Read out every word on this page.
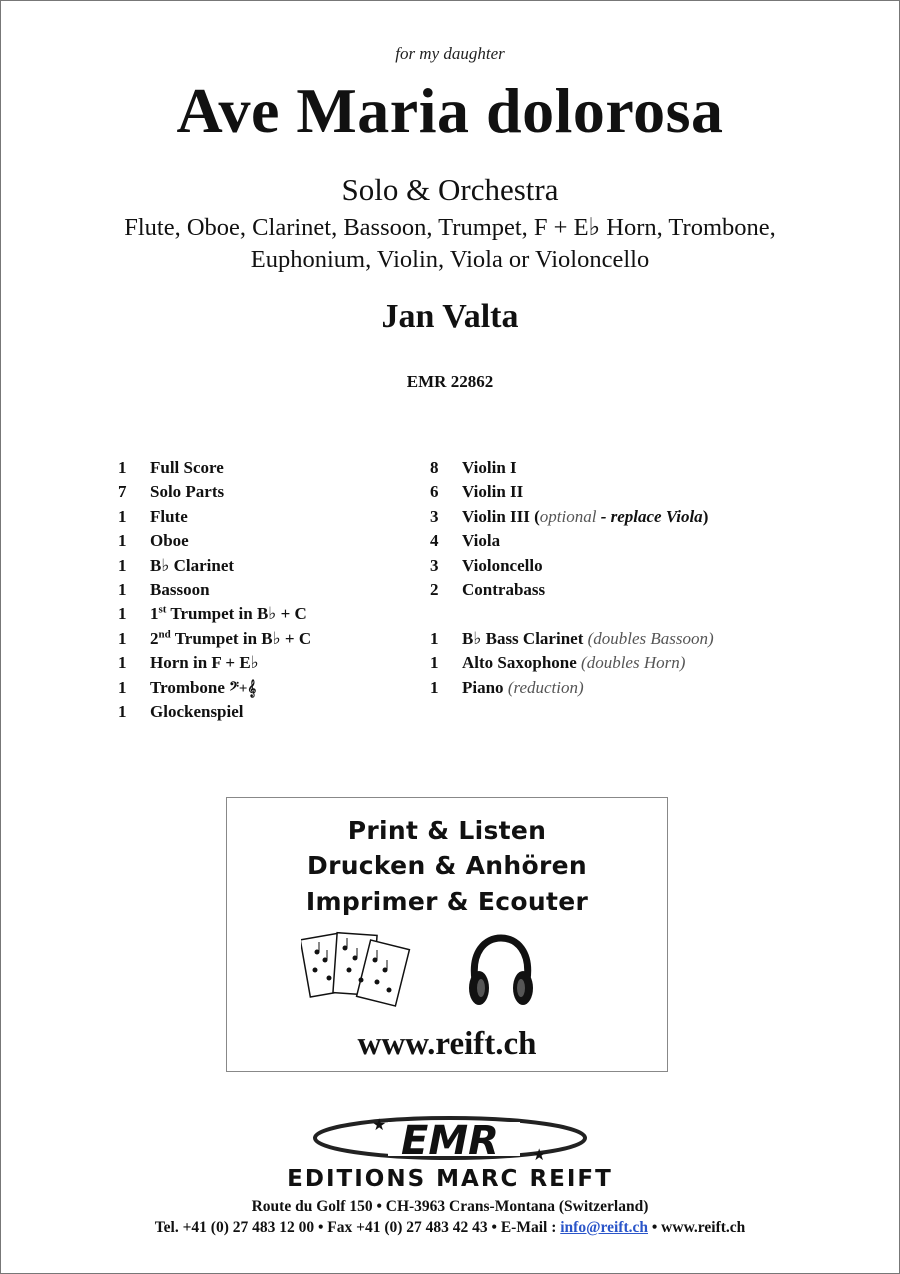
for my daughter
Ave Maria dolorosa
Solo & Orchestra
Flute, Oboe, Clarinet, Bassoon, Trumpet, F + E♭ Horn, Trombone,
Euphonium, Violin, Viola or Violoncello
Jan Valta
EMR 22862
1 Full Score
7 Solo Parts
1 Flute
1 Oboe
1 B♭ Clarinet
1 Bassoon
1 1st Trumpet in B♭ + C
1 2nd Trumpet in B♭ + C
1 Horn in F + E♭
1 Trombone 𝄢+𝄞
1 Glockenspiel
8 Violin I
6 Violin II
3 Violin III (optional - replace Viola)
4 Viola
3 Violoncello
2 Contrabass
1 B♭ Bass Clarinet (doubles Bassoon)
1 Alto Saxophone (doubles Horn)
1 Piano (reduction)
Print & Listen
Drucken & Anhören
Imprimer & Ecouter
www.reift.ch
EMR
★
★
EDITIONS MARC REIFT
Route du Golf 150 • CH-3963 Crans-Montana (Switzerland)
Tel. +41 (0) 27 483 12 00 • Fax +41 (0) 27 483 42 43 • E-Mail : info@reift.ch • www.reift.ch
